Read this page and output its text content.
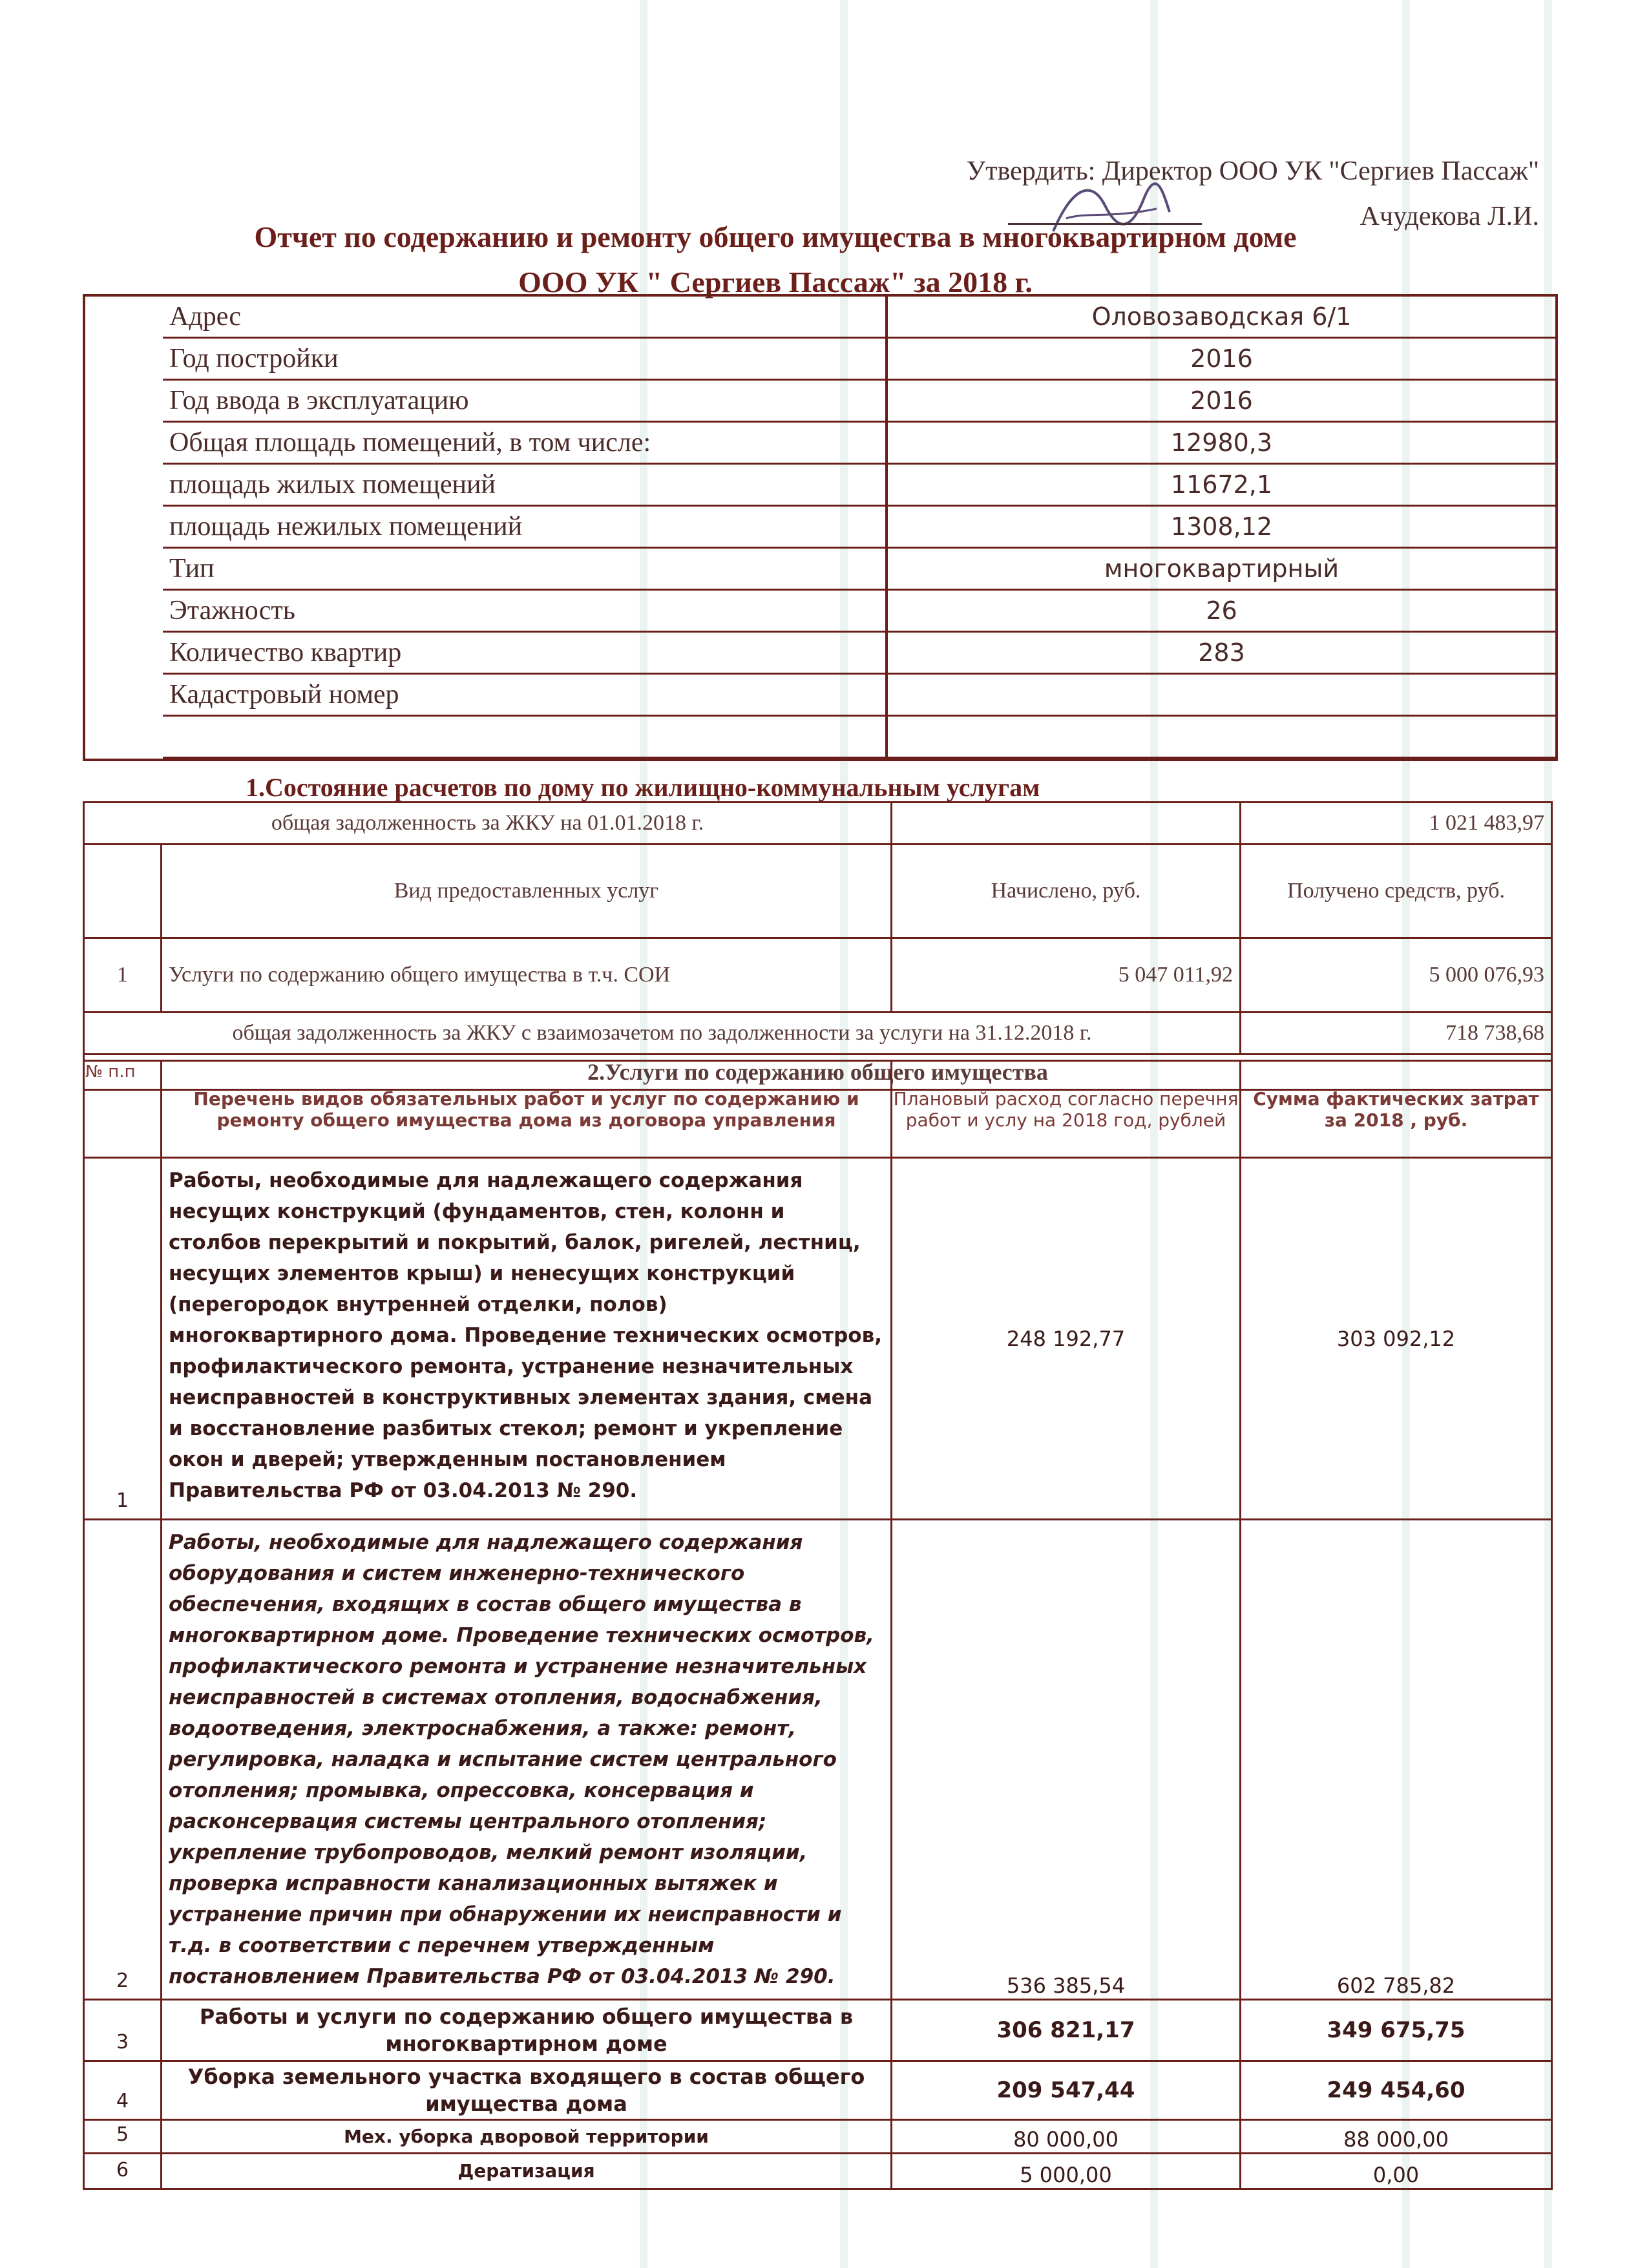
Утвердить: Директор ООО УК "Сергиев Пассаж"
Ачудекова Л.И.
Отчет по содержанию и ремонту общего имущества в многоквартирном доме
ООО УК " Сергиев Пассаж" за 2018 г.
Адрес	Оловозаводская 6/1
Год постройки	2016
Год ввода в эксплуатацию	2016
Общая площадь помещений, в том числе:	12980,3
площадь жилых помещений	11672,1
площадь нежилых помещений	1308,12
Тип	многоквартирный
Этажность	26
Количество квартир	283
Кадастровый номер	

1.Состояние расчетов по дому по жилищно-коммунальным услугам
общая задолженность за ЖКУ на 01.01.2018 г.			1 021 483,97
	Вид предоставленных услуг	Начислено, руб.	Получено средств, руб.
1	Услуги по содержанию общего имущества в т.ч. СОИ	5 047 011,92	5 000 076,93
общая задолженность за ЖКУ с взаимозачетом по задолженности за услуги на 31.12.2018 г.			718 738,68
2.Услуги по содержанию общего имущества			
№ п.п	Перечень видов обязательных работ и услуг по содержанию и ремонту общего имущества дома из договора управления	Плановый расход согласно перечня работ и услу на 2018 год, рублей	Сумма фактических затрат за 2018 , руб.
1	Работы, необходимые для надлежащего содержания несущих конструкций (фундаментов, стен, колонн и столбов перекрытий и покрытий, балок, ригелей, лестниц, несущих элементов крыш) и ненесущих конструкций (перегородок внутренней отделки, полов) многоквартирного дома. Проведение технических осмотров, профилактического ремонта, устранение незначительных неисправностей в конструктивных элементах здания, смена и восстановление разбитых стекол; ремонт и укрепление окон и дверей; утвержденным постановлением Правительства РФ от 03.04.2013 № 290.	248 192,77	303 092,12
2	Работы, необходимые для надлежащего содержания оборудования и систем инженерно-технического обеспечения, входящих в состав общего имущества в многоквартирном доме. Проведение технических осмотров, профилактического ремонта и устранение незначительных неисправностей в системах отопления, водоснабжения, водоотведения, электроснабжения, а также: ремонт, регулировка, наладка и испытание систем центрального отопления; промывка, опрессовка, консервация и расконсервация системы центрального отопления; укрепление трубопроводов, мелкий ремонт изоляции, проверка исправности канализационных вытяжек и устранение причин при обнаружении их неисправности и т.д. в соответствии с перечнем утвержденным постановлением Правительства РФ от 03.04.2013 № 290.	536 385,54	602 785,82
3	Работы и услуги по содержанию общего имущества в многоквартирном доме	306 821,17	349 675,75
4	Уборка земельного участка входящего в состав общего имущества дома	209 547,44	249 454,60
5	Мех. уборка дворовой территории	80 000,00	88 000,00
6	Дератизация	5 000,00	0,00
